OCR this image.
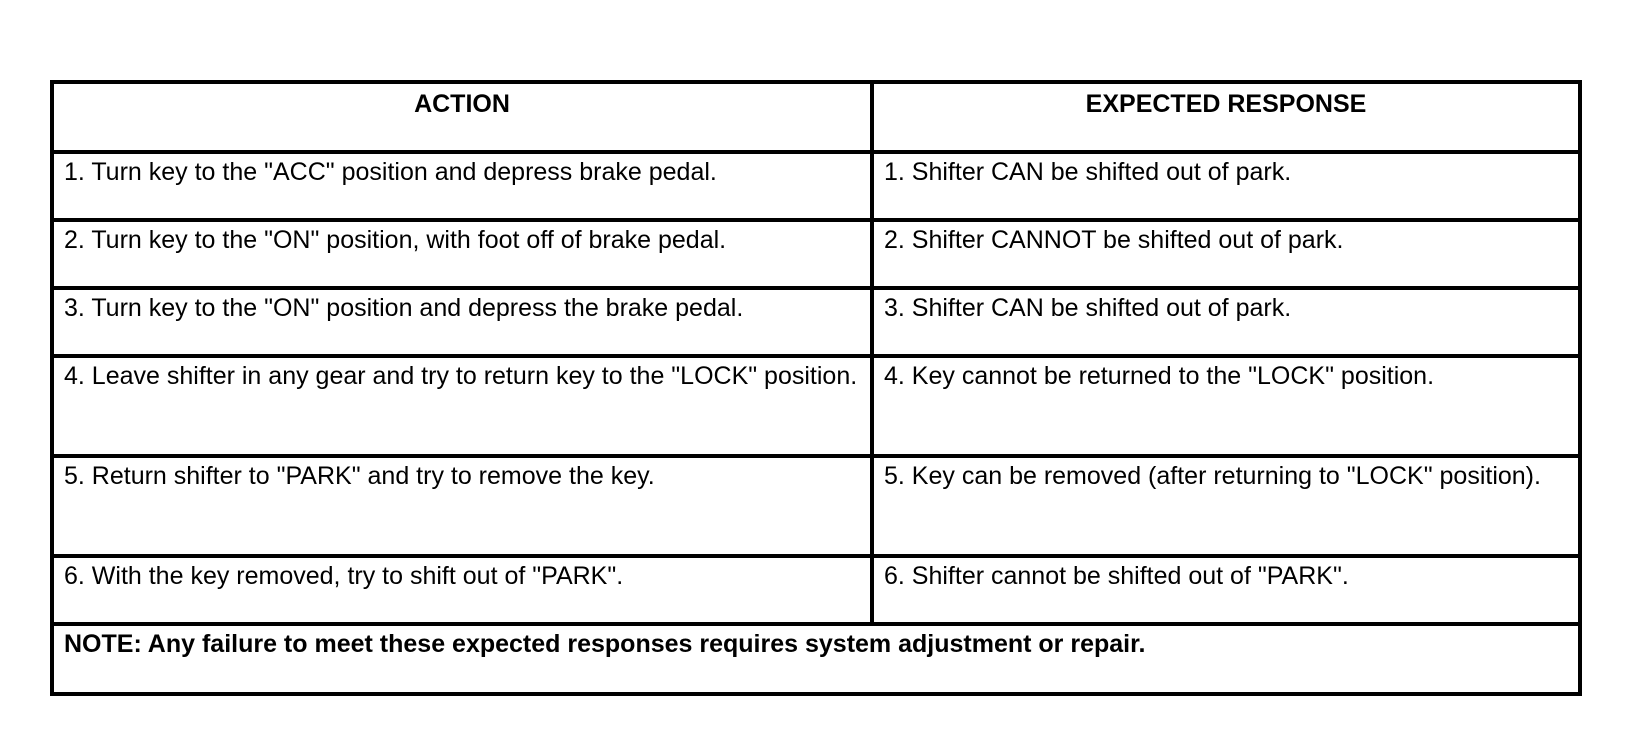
ACTION	EXPECTED RESPONSE
1. Turn key to the "ACC" position and depress brake pedal.	1. Shifter CAN be shifted out of park.
2. Turn key to the "ON" position, with foot off of brake pedal.	2. Shifter CANNOT be shifted out of park.
3. Turn key to the "ON" position and depress the brake pedal.	3. Shifter CAN be shifted out of park.
4. Leave shifter in any gear and try to return key to the "LOCK" position.	4. Key cannot be returned to the "LOCK" position.
5. Return shifter to "PARK" and try to remove the key.	5. Key can be removed (after returning to "LOCK" position).
6. With the key removed, try to shift out of "PARK".	6. Shifter cannot be shifted out of "PARK".
NOTE: Any failure to meet these expected responses requires system adjustment or repair.	
